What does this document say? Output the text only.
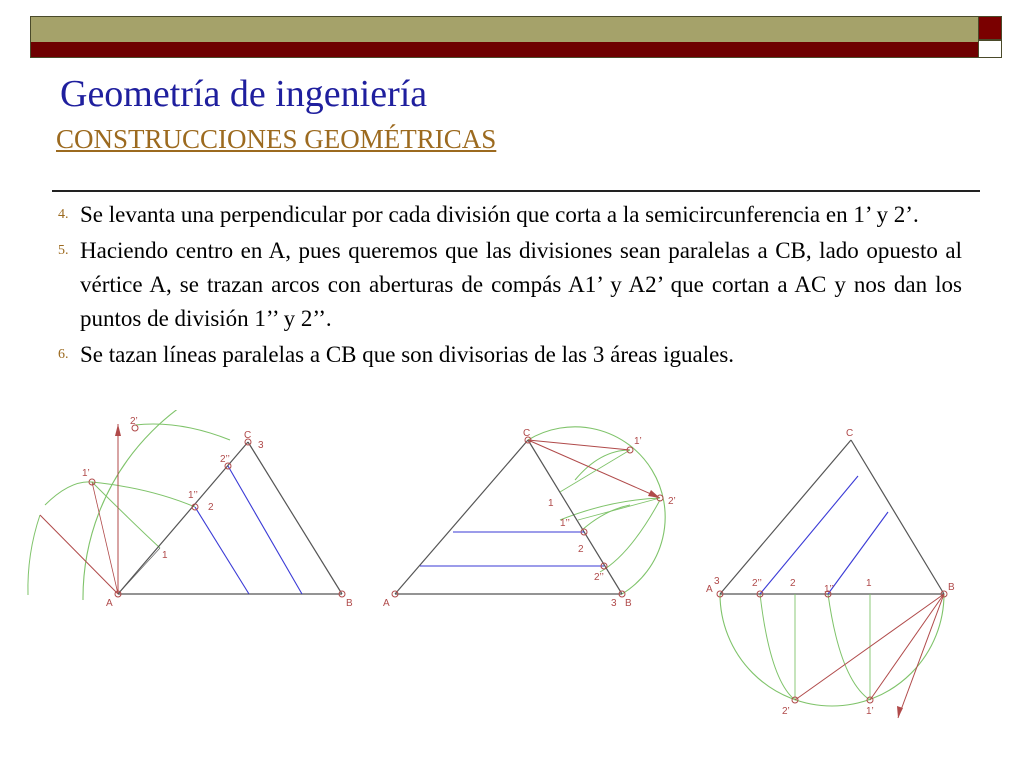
Geometría de ingeniería
CONSTRUCCIONES GEOMÉTRICAS
4. Se levanta una perpendicular por cada división que corta a la semicircunferencia en 1’ y 2’.
5. Haciendo centro en A, pues queremos que las divisiones sean paralelas a CB, lado opuesto al vértice A, se trazan arcos con aberturas de compás A1’ y A2’ que cortan a AC y nos dan los puntos de división 1’’ y 2’’.
6. Se tazan líneas paralelas a CB que son divisorias de las 3 áreas iguales.
A	B
C
3
2’’
1’’
2
1
1’
2’
A	B
3
C
1
1’’
2
2’’
1’
2’
A
3
C
B
2’’	2
1’’
1
2’	1’
